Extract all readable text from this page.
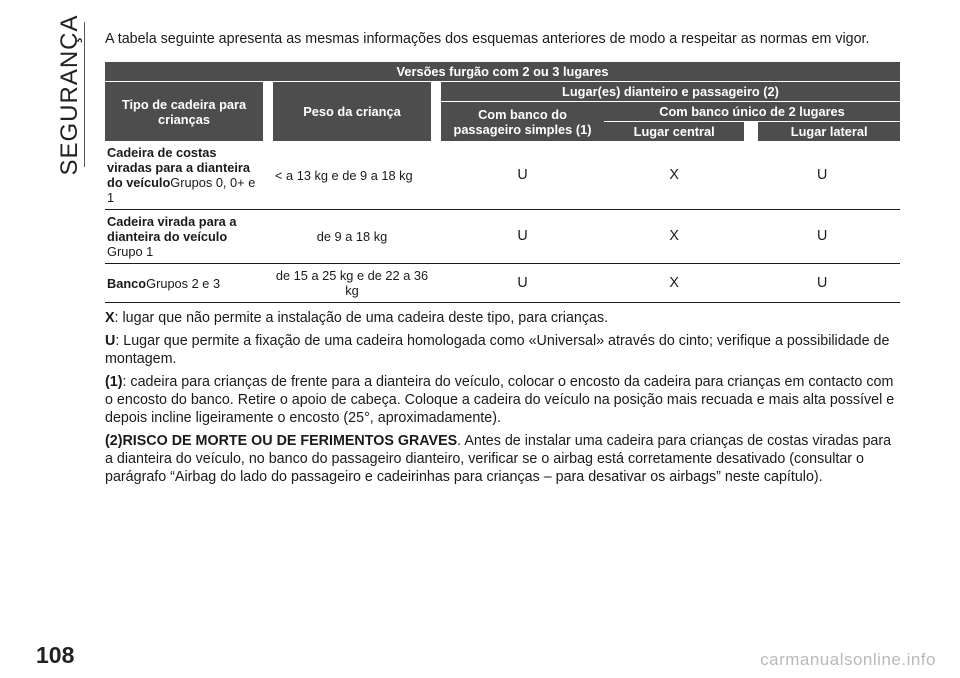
SEGURANÇA A tabela seguinte apresenta as mesmas informações dos esquemas anteriores de modo a respeitar as normas em vigor.

Versões furgão com 2 ou 3 lugares						
Tipo de cadeira para crianças		Peso da criança		Lugar(es) dianteiro e passageiro (2)		
				Com banco do passageiro simples (1)	Com banco único de 2 lugares	
					Lugar central	Lugar lateral
Cadeira de costas viradas para a dianteira do veículoGrupos 0, 0+ e 1		< a 13 kg e de 9 a 18 kg		U	X	U
Cadeira virada para a dianteira do veículo
Grupo 1		de 9 a 18 kg		U	X	U
BancoGrupos 2 e 3		de 15 a 25 kg e de 22 a 36 kg		U	X	U

X: lugar que não permite a instalação de uma cadeira deste tipo, para crianças.

U: Lugar que permite a fixação de uma cadeira homologada como «Universal» através do cinto; verifique a possibilidade de montagem.

(1): cadeira para crianças de frente para a dianteira do veículo, colocar o encosto da cadeira para crianças em contacto com o encosto do banco. Retire o apoio de cabeça. Coloque a cadeira do veículo na posição mais recuada e mais alta possível e depois incline ligeiramente o encosto (25°, aproximadamente).

(2)RISCO DE MORTE OU DE FERIMENTOS GRAVES. Antes de instalar uma cadeira para crianças de costas viradas para a dianteira do veículo, no banco do passageiro dianteiro, verificar se o airbag está corretamente desativado (consultar o parágrafo “Airbag do lado do passageiro e cadeirinhas para crianças – para desativar os airbags” neste capítulo).

108	carmanualsonline.info
